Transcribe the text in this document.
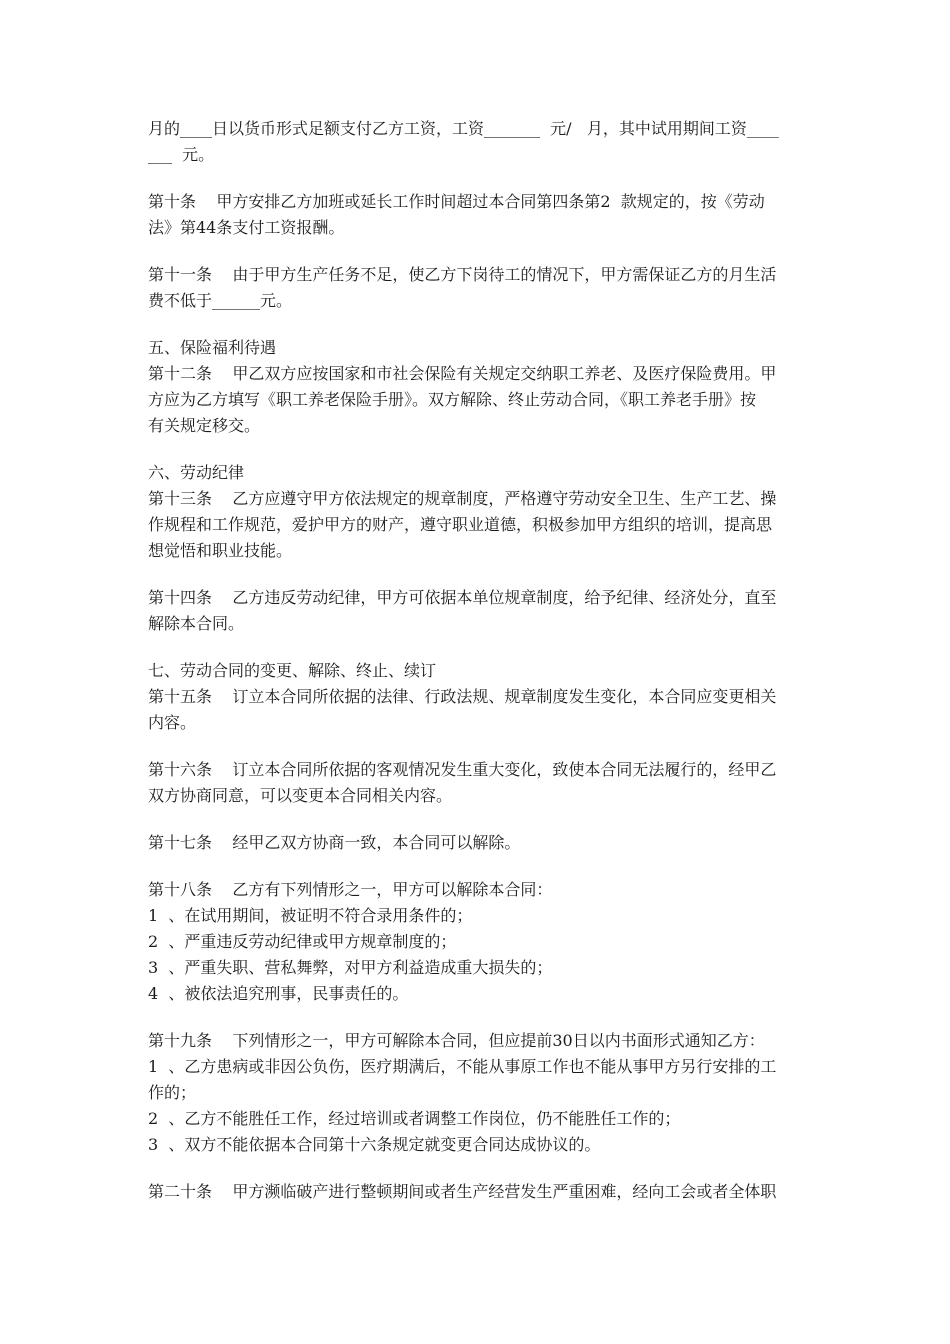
月的____日以货币形式足额支付乙方工资，工资_______  元/   月，其中试用期间工资____
___  元。
第十条    甲方安排乙方加班或延长工作时间超过本合同第四条第2  款规定的，按《劳动
法》第44条支付工资报酬。
第十一条    由于甲方生产任务不足，使乙方下岗待工的情况下，甲方需保证乙方的月生活
费不低于______元。
五、保险福利待遇
第十二条    甲乙双方应按国家和市社会保险有关规定交纳职工养老、及医疗保险费用。甲
方应为乙方填写《职工养老保险手册》。双方解除、终止劳动合同，《职工养老手册》按
有关规定移交。
六、劳动纪律
第十三条    乙方应遵守甲方依法规定的规章制度，严格遵守劳动安全卫生、生产工艺、操
作规程和工作规范，爱护甲方的财产，遵守职业道德，积极参加甲方组织的培训，提高思
想觉悟和职业技能。
第十四条    乙方违反劳动纪律，甲方可依据本单位规章制度，给予纪律、经济处分，直至
解除本合同。
七、劳动合同的变更、解除、终止、续订
第十五条    订立本合同所依据的法律、行政法规、规章制度发生变化，本合同应变更相关
内容。
第十六条    订立本合同所依据的客观情况发生重大变化，致使本合同无法履行的，经甲乙
双方协商同意，可以变更本合同相关内容。
第十七条    经甲乙双方协商一致，本合同可以解除。
第十八条    乙方有下列情形之一，甲方可以解除本合同：
1  、在试用期间，被证明不符合录用条件的；
2  、严重违反劳动纪律或甲方规章制度的；
3  、严重失职、营私舞弊，对甲方利益造成重大损失的；
4  、被依法追究刑事，民事责任的。
第十九条    下列情形之一，甲方可解除本合同，但应提前30日以内书面形式通知乙方：
1  、乙方患病或非因公负伤，医疗期满后，不能从事原工作也不能从事甲方另行安排的工
作的；
2  、乙方不能胜任工作，经过培训或者调整工作岗位，仍不能胜任工作的；
3  、双方不能依据本合同第十六条规定就变更合同达成协议的。
第二十条    甲方濒临破产进行整顿期间或者生产经营发生严重困难，经向工会或者全体职
